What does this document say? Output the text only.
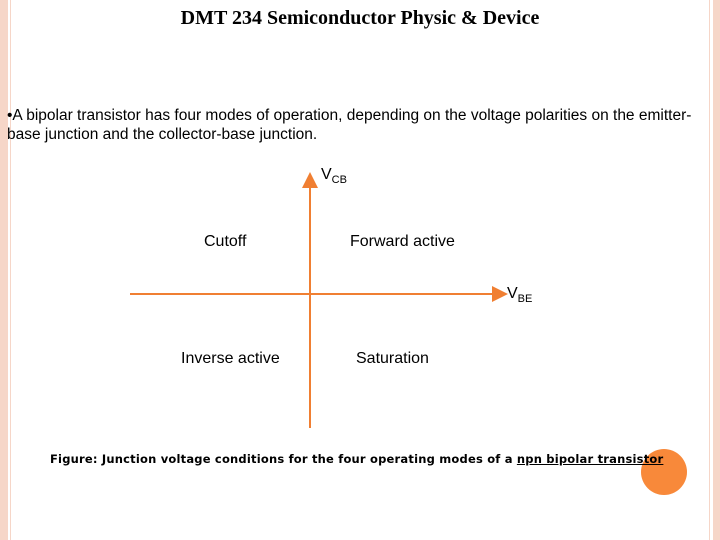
DMT 234 Semiconductor Physic & Device
•A bipolar transistor has four modes of operation, depending on the voltage polarities on the emitter-base junction and the collector-base junction.
$V_{CB}$
$V_{BE}$
Cutoff	Forward active
Inverse active	Saturation
Figure: Junction voltage conditions for the four operating modes of a npn bipolar transistor
